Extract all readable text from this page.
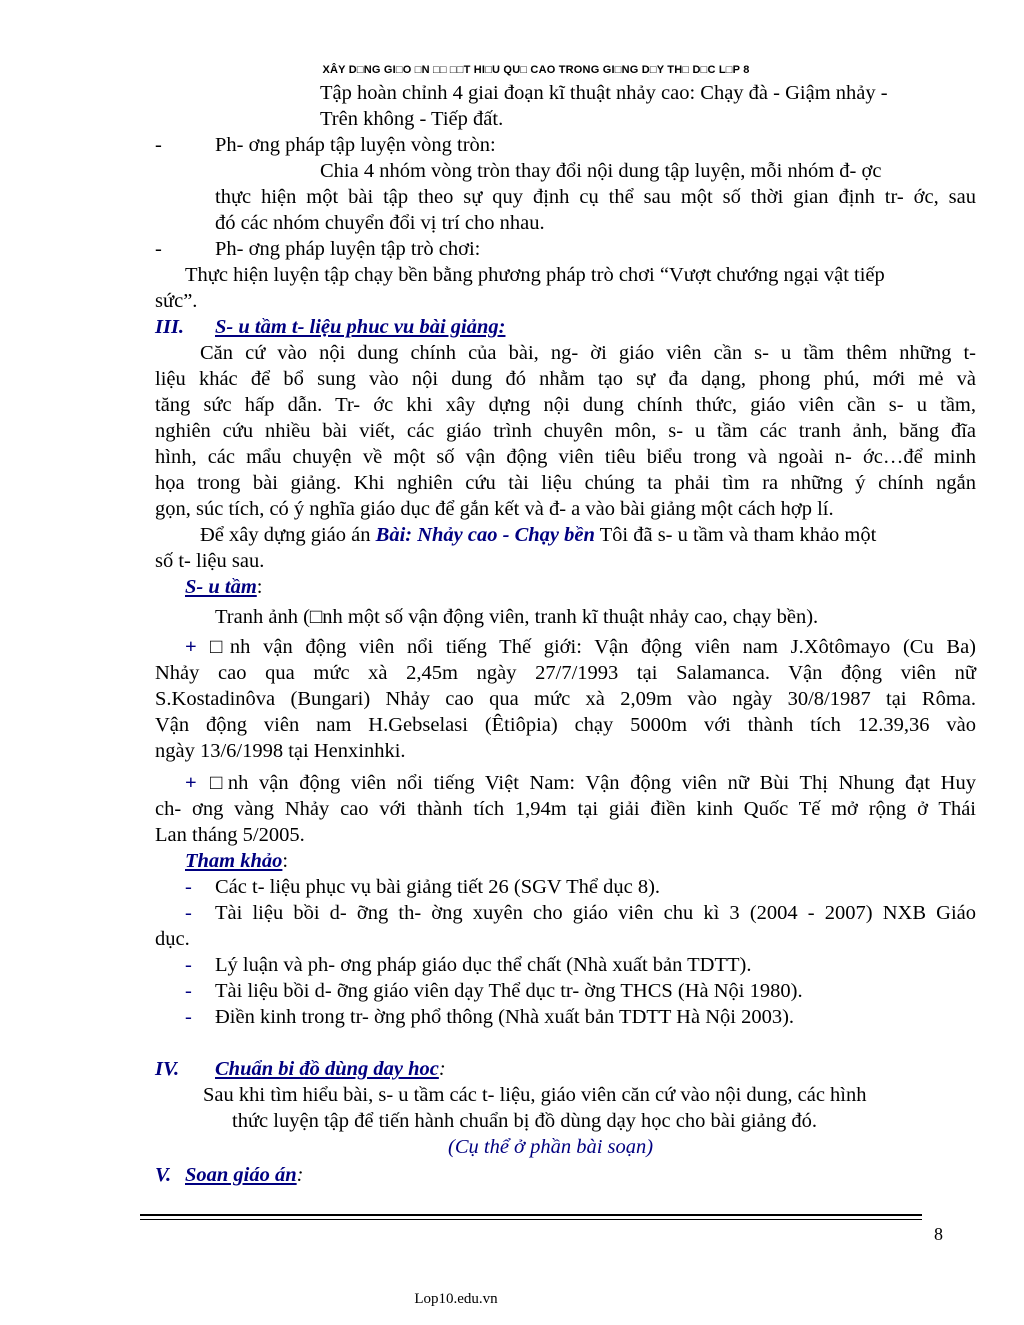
XÂY D□NG GI□O □N □□ □□T HI□U QU□ CAO TRONG GI□NG D□Y TH□ D□C L□P 8
Tập hoàn chỉnh 4 giai đoạn kĩ thuật nhảy cao: Chạy đà - Giậm nhảy -
Trên không - Tiếp đất.
-	Ph- ơng pháp tập luyện vòng tròn:
Chia 4 nhóm vòng tròn thay đổi nội dung tập luyện, mỗi nhóm đ- ợc
thực hiện một bài tập theo sự quy định cụ thể sau một số thời gian định tr- ớc, sau
đó các nhóm chuyển đổi vị trí cho nhau.
-	Ph- ơng pháp luyện tập trò chơi:
Thực hiện luyện tập chạy bền bằng phương pháp trò chơi “Vượt chướng ngại vật tiếp
sức”.
III. S- u tầm t- liệu phuc vu bài giảng:
Căn cứ vào nội dung chính của bài, ng- ời giáo viên cần s- u tầm thêm những t-
liệu khác để bổ sung vào nội dung đó nhằm tạo sự đa dạng, phong phú, mới mẻ và
tăng sức hấp dẫn. Tr- ớc khi xây dựng nội dung chính thức, giáo viên cần s- u tầm,
nghiên cứu nhiều bài viết, các giáo trình chuyên môn, s- u tầm các tranh ảnh, băng đĩa
hình, các mẩu chuyện về một số vận động viên tiêu biểu trong và ngoài n- ớc…để minh
họa trong bài giảng. Khi nghiên cứu tài liệu chúng ta phải tìm ra những ý chính ngắn
gọn, súc tích, có ý nghĩa giáo dục để gắn kết và đ- a vào bài giảng một cách hợp lí.
Để xây dựng giáo án Bài: Nhảy cao - Chạy bền Tôi đã s- u tầm và tham khảo một
số t- liệu sau.
S- u tầm:
Tranh ảnh (□nh một số vận động viên, tranh kĩ thuật nhảy cao, chạy bền).
+ □nh vận động viên nổi tiếng Thế giới: Vận động viên nam J.Xôtômayo (Cu Ba)
Nhảy cao qua mức xà 2,45m ngày 27/7/1993 tại Salamanca. Vận động viên nữ
S.Kostadinôva (Bungari) Nhảy cao qua mức xà 2,09m vào ngày 30/8/1987 tại Rôma.
Vận động viên nam H.Gebselasi (Êtiôpia) chạy 5000m với thành tích 12.39,36 vào
ngày 13/6/1998 tại Henxinhki.
+ □nh vận động viên nổi tiếng Việt Nam: Vận động viên nữ Bùi Thị Nhung đạt Huy
ch- ơng vàng Nhảy cao với thành tích 1,94m tại giải điền kinh Quốc Tế mở rộng ở Thái
Lan tháng 5/2005.
Tham khảo:
- Các t- liệu phục vụ bài giảng tiết 26 (SGV Thể dục 8).
- Tài liệu bồi d- ỡng th- ờng xuyên cho giáo viên chu kì 3 (2004 - 2007) NXB Giáo
dục.
- Lý luận và ph- ơng pháp giáo dục thể chất (Nhà xuất bản TDTT).
- Tài liệu bồi d- ỡng giáo viên dạy Thể dục tr- ờng THCS (Hà Nội 1980).
- Điền kinh trong tr- ờng phổ thông (Nhà xuất bản TDTT Hà Nội 2003).
IV. Chuẩn bi đồ dùng day hoc:
Sau khi tìm hiểu bài, s- u tầm các t- liệu, giáo viên căn cứ vào nội dung, các hình
thức luyện tập để tiến hành chuẩn bị đồ dùng dạy học cho bài giảng đó.
(Cụ thể ở phần bài soạn)
V. Soan giáo án:
8
Lop10.edu.vn
